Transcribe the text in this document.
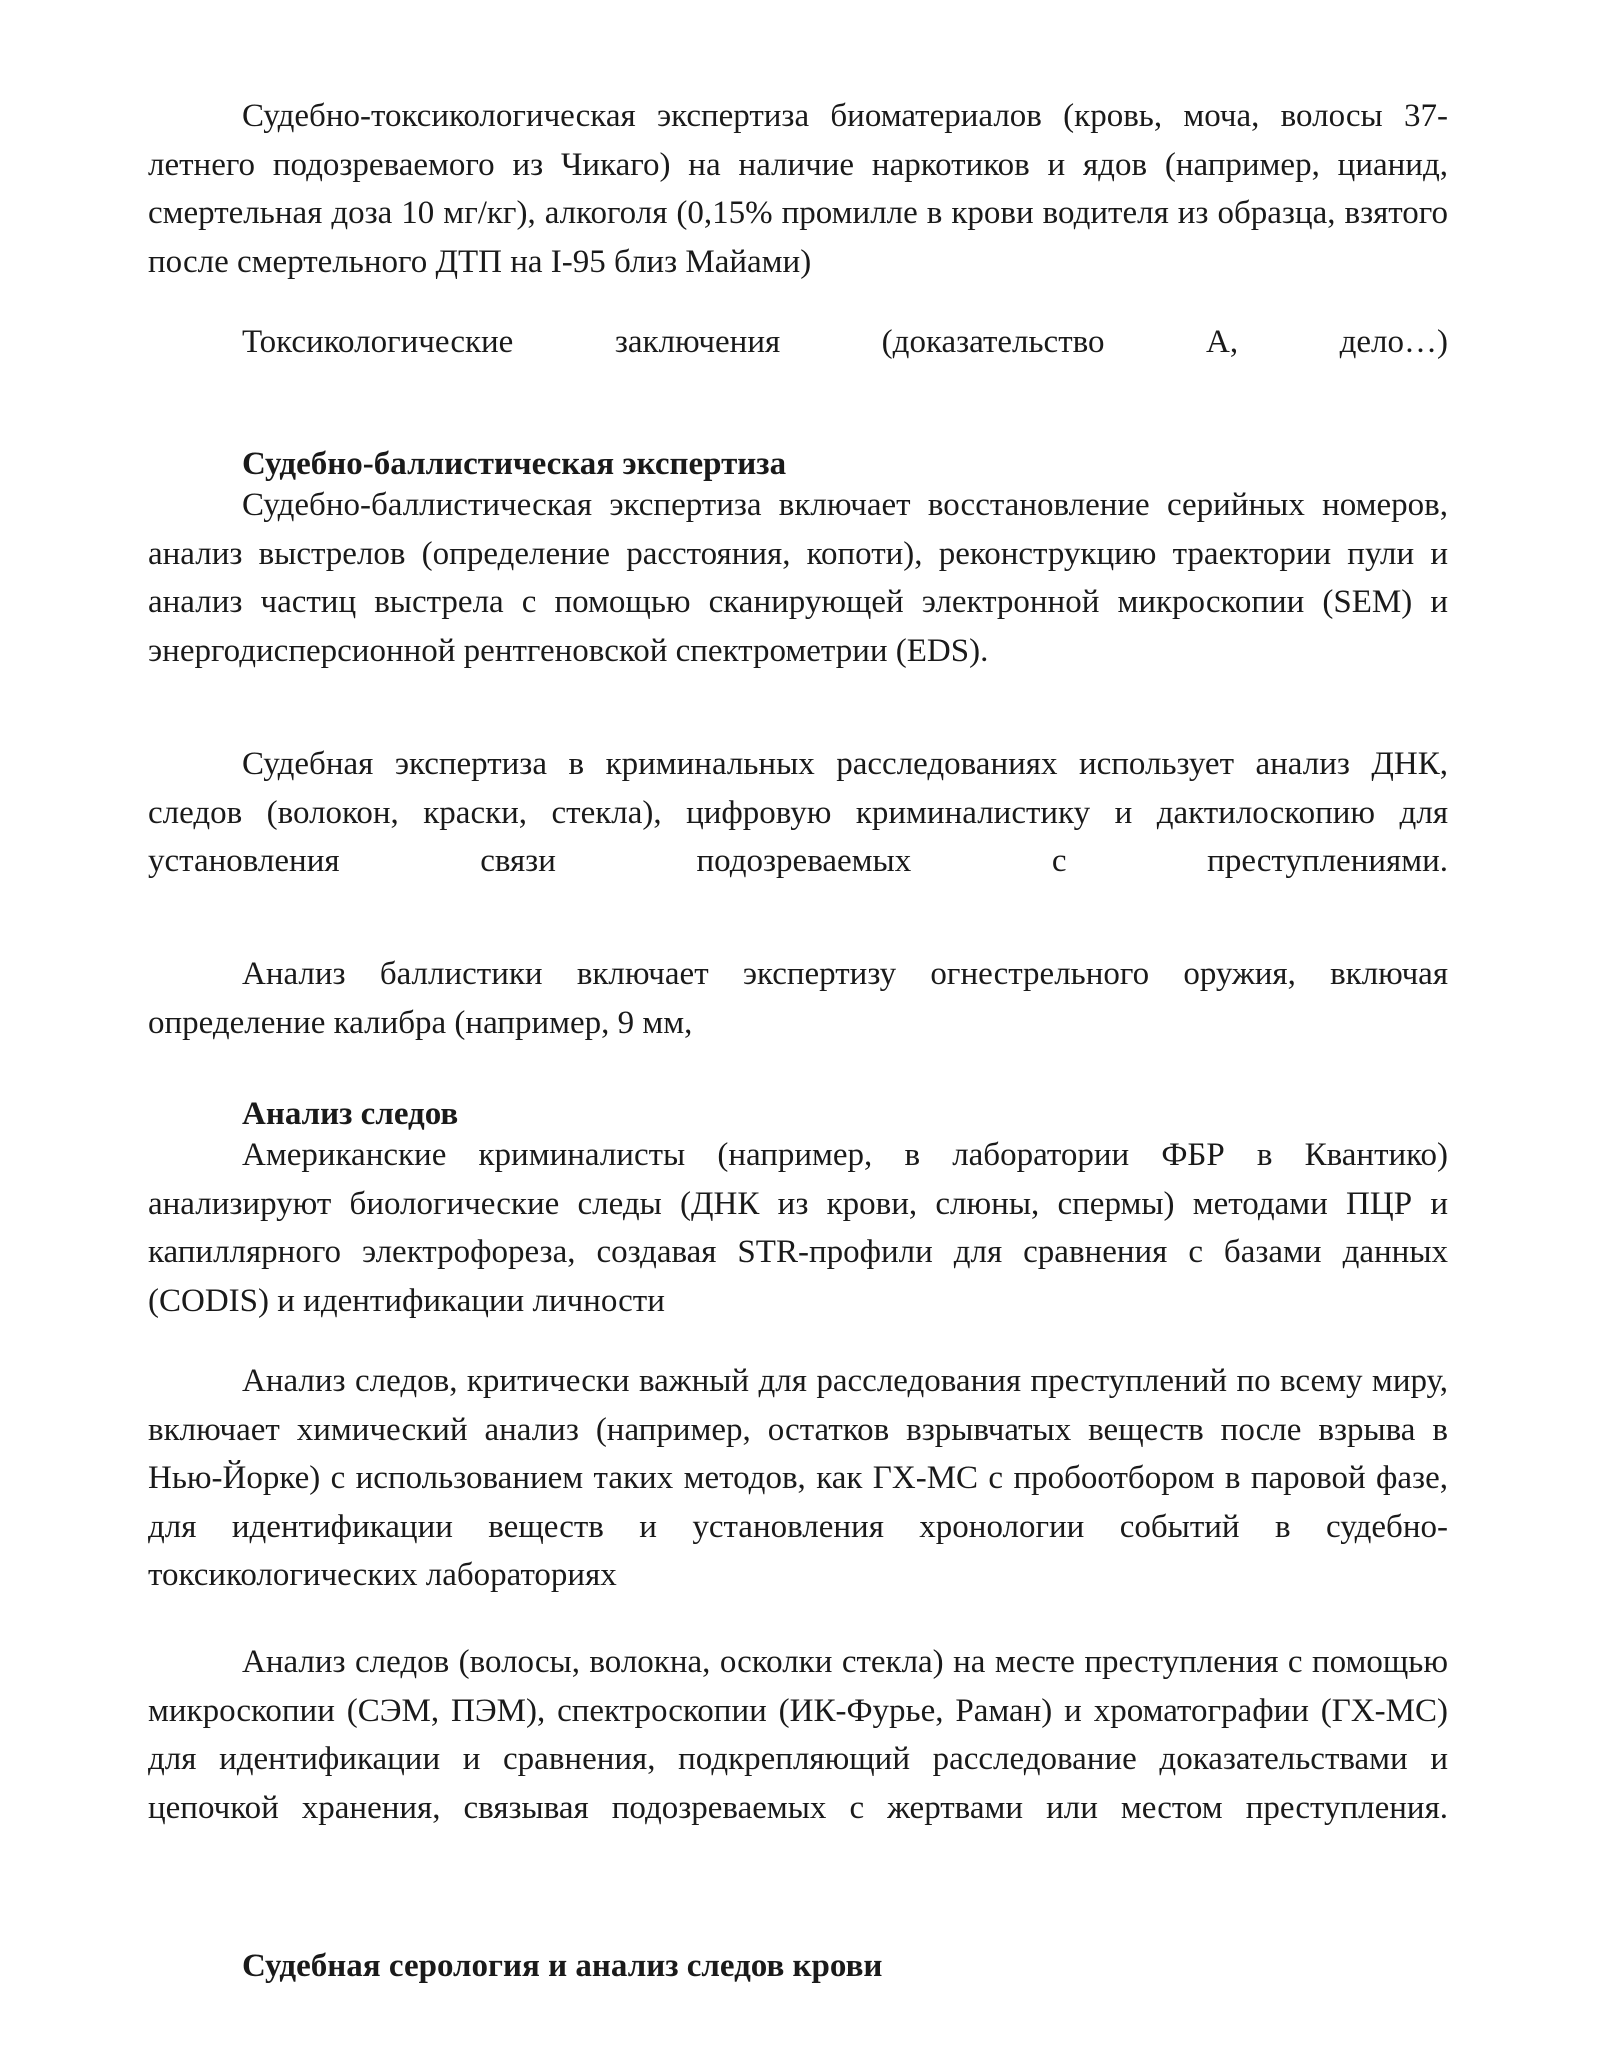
Судебно-токсикологическая экспертиза биоматериалов (кровь, моча, волосы 37-летнего подозреваемого из Чикаго) на наличие наркотиков и ядов (например, цианид, смертельная доза 10 мг/кг), алкоголя (0,15% промилле в крови водителя из образца, взятого после смертельного ДТП на I-95 близ Майами)

Токсикологические заключения (доказательство А, дело…)

Судебно-баллистическая экспертиза

Судебно-баллистическая экспертиза включает восстановление серийных номеров, анализ выстрелов (определение расстояния, копоти), реконструкцию траектории пули и анализ частиц выстрела с помощью сканирующей электронной микроскопии (SEM) и энергодисперсионной рентгеновской спектрометрии (EDS).

Судебная экспертиза в криминальных расследованиях использует анализ ДНК, следов (волокон, краски, стекла), цифровую криминалистику и дактилоскопию для установления связи подозреваемых с преступлениями.

Анализ баллистики включает экспертизу огнестрельного оружия, включая определение калибра (например, 9 мм,

Анализ следов

Американские криминалисты (например, в лаборатории ФБР в Квантико) анализируют биологические следы (ДНК из крови, слюны, спермы) методами ПЦР и капиллярного электрофореза, создавая STR-профили для сравнения с базами данных (CODIS) и идентификации личности

Анализ следов, критически важный для расследования преступлений по всему миру, включает химический анализ (например, остатков взрывчатых веществ после взрыва в Нью-Йорке) с использованием таких методов, как ГХ-МС с пробоотбором в паровой фазе, для идентификации веществ и установления хронологии событий в судебно-токсикологических лабораториях

Анализ следов (волосы, волокна, осколки стекла) на месте преступления с помощью микроскопии (СЭМ, ПЭМ), спектроскопии (ИК-Фурье, Раман) и хроматографии (ГХ-МС) для идентификации и сравнения, подкрепляющий расследование доказательствами и цепочкой хранения, связывая подозреваемых с жертвами или местом преступления.

Судебная серология и анализ следов крови
